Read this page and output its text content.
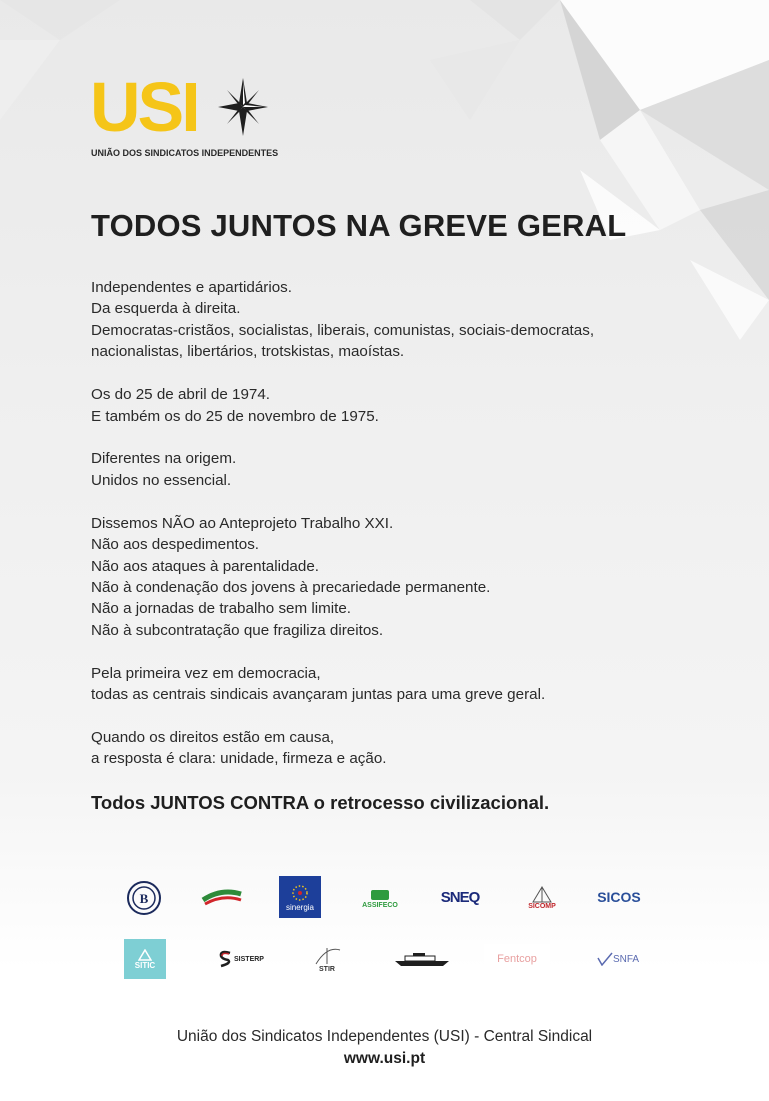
USI
UNIÃO DOS SINDICATOS INDEPENDENTES
TODOS JUNTOS NA GREVE GERAL
Independentes e apartidários.
Da esquerda à direita.
Democratas-cristãos, socialistas, liberais, comunistas, sociais-democratas,
nacionalistas, libertários, trotskistas, maoístas.
Os do 25 de abril de 1974.
E também os do 25 de novembro de 1975.
Diferentes na origem.
Unidos no essencial.
Dissemos NÃO ao Anteprojeto Trabalho XXI.
Não aos despedimentos.
Não aos ataques à parentalidade.
Não à condenação dos jovens à precariedade permanente.
Não a jornadas de trabalho sem limite.
Não à subcontratação que fragiliza direitos.
Pela primeira vez em democracia,
todas as centrais sindicais avançaram juntas para uma greve geral.
Quando os direitos estão em causa,
a resposta é clara: unidade, firmeza e ação.
Todos JUNTOS CONTRA o retrocesso civilizacional.
B
sinergia	ASSIFECO	SNEQ
SICOMP
SICOS
SITIC
SISTERP
STIR
Fentcop	SNFA
União dos Sindicatos Independentes (USI) - Central Sindical
www.usi.pt
